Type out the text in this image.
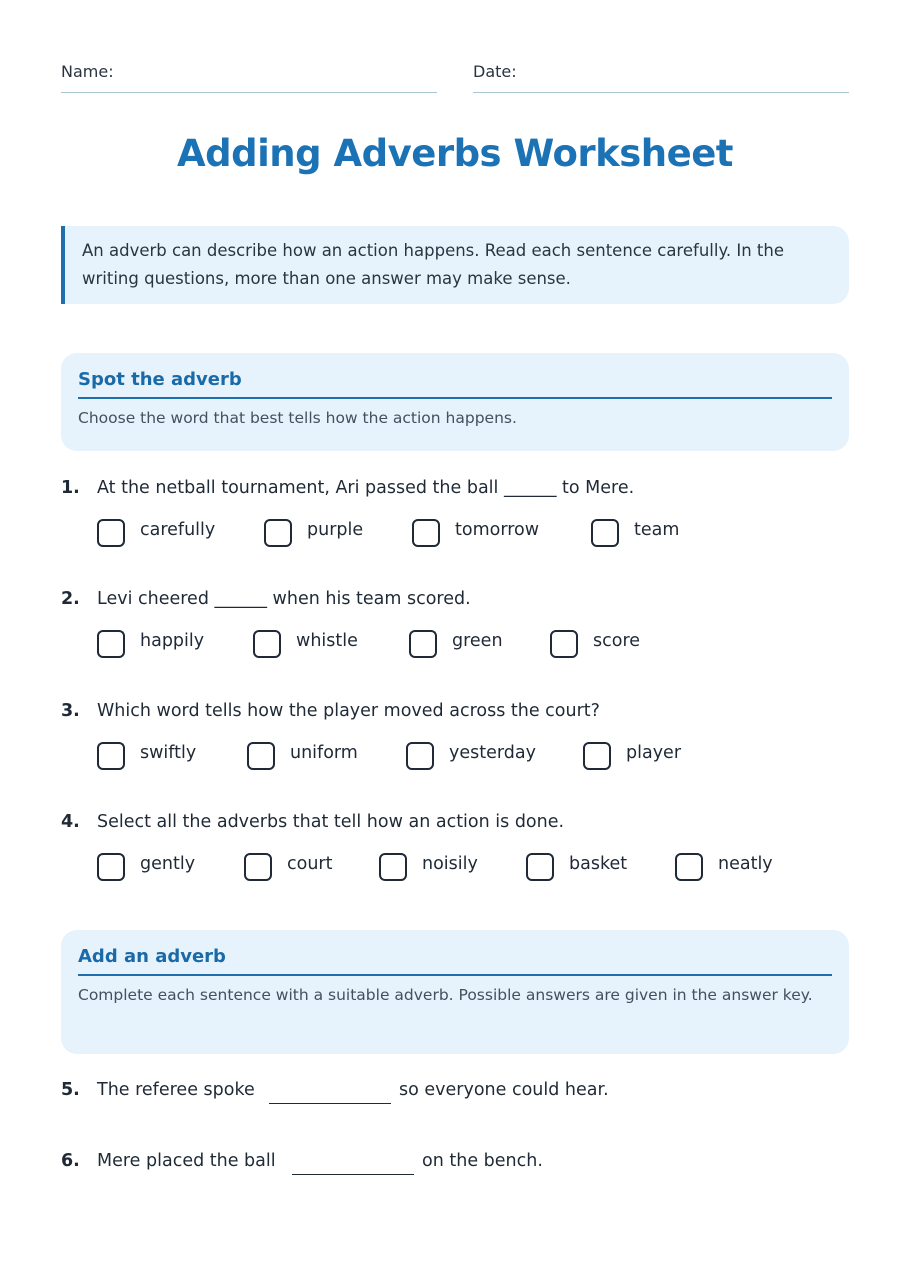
Name:	Date:
Adding Adverbs Worksheet
An adverb can describe how an action happens. Read each sentence carefully. In the writing questions, more than one answer may make sense.
Spot the adverb

Choose the word that best tells how the action happens.

1. At the netball tournament, Ari passed the ball ______ to Mere.
carefully	purple	tomorrow	team
2. Levi cheered ______ when his team scored.
happily	whistle	green	score
3. Which word tells how the player moved across the court?
swiftly	uniform	yesterday	player
4. Select all the adverbs that tell how an action is done.
gently	court	noisily	basket	neatly
Add an adverb

Complete each sentence with a suitable adverb. Possible answers are given in the answer key.

5. The referee spoke	so everyone could hear.
6. Mere placed the ball	on the bench.
